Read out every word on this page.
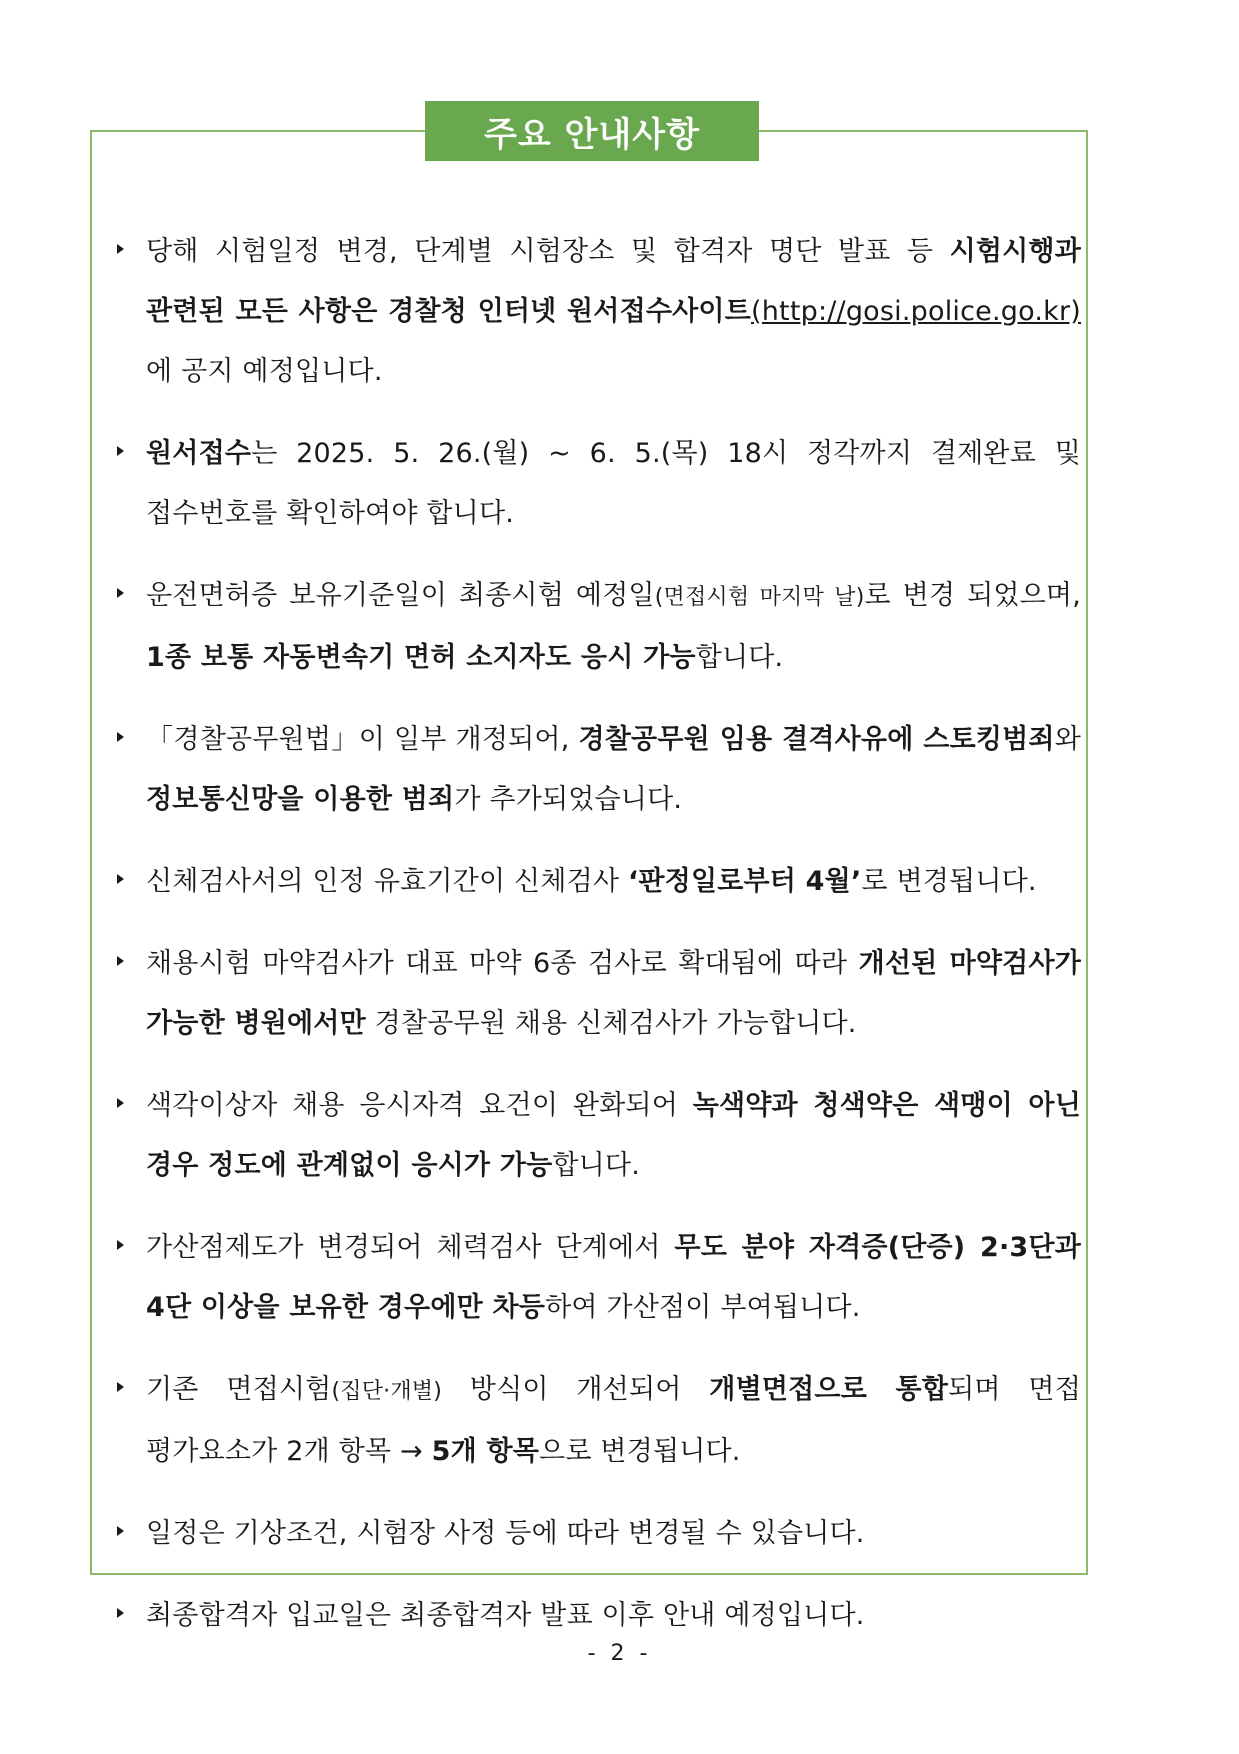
주요 안내사항
당해 시험일정 변경, 단계별 시험장소 및 합격자 명단 발표 등 시험시행과 관련된 모든 사항은 경찰청 인터넷 원서접수사이트(http://gosi.police.go.kr)에 공지 예정입니다.
원서접수는 2025. 5. 26.(월) ~ 6. 5.(목) 18시 정각까지 결제완료 및 접수번호를 확인하여야 합니다.
운전면허증 보유기준일이 최종시험 예정일(면접시험 마지막 날)로 변경 되었으며, 1종 보통 자동변속기 면허 소지자도 응시 가능합니다.
「경찰공무원법」이 일부 개정되어, 경찰공무원 임용 결격사유에 스토킹범죄와 정보통신망을 이용한 범죄가 추가되었습니다.
신체검사서의 인정 유효기간이 신체검사 ‘판정일로부터 4월’로 변경됩니다.
채용시험 마약검사가 대표 마약 6종 검사로 확대됨에 따라 개선된 마약검사가 가능한 병원에서만 경찰공무원 채용 신체검사가 가능합니다.
색각이상자 채용 응시자격 요건이 완화되어 녹색약과 청색약은 색맹이 아닌 경우 정도에 관계없이 응시가 가능합니다.
가산점제도가 변경되어 체력검사 단계에서 무도 분야 자격증(단증) 2·3단과 4단 이상을 보유한 경우에만 차등하여 가산점이 부여됩니다.
기존 면접시험(집단·개별) 방식이 개선되어 개별면접으로 통합되며 면접 평가요소가 2개 항목 → 5개 항목으로 변경됩니다.
일정은 기상조건, 시험장 사정 등에 따라 변경될 수 있습니다.
최종합격자 입교일은 최종합격자 발표 이후 안내 예정입니다.
- 2 -
